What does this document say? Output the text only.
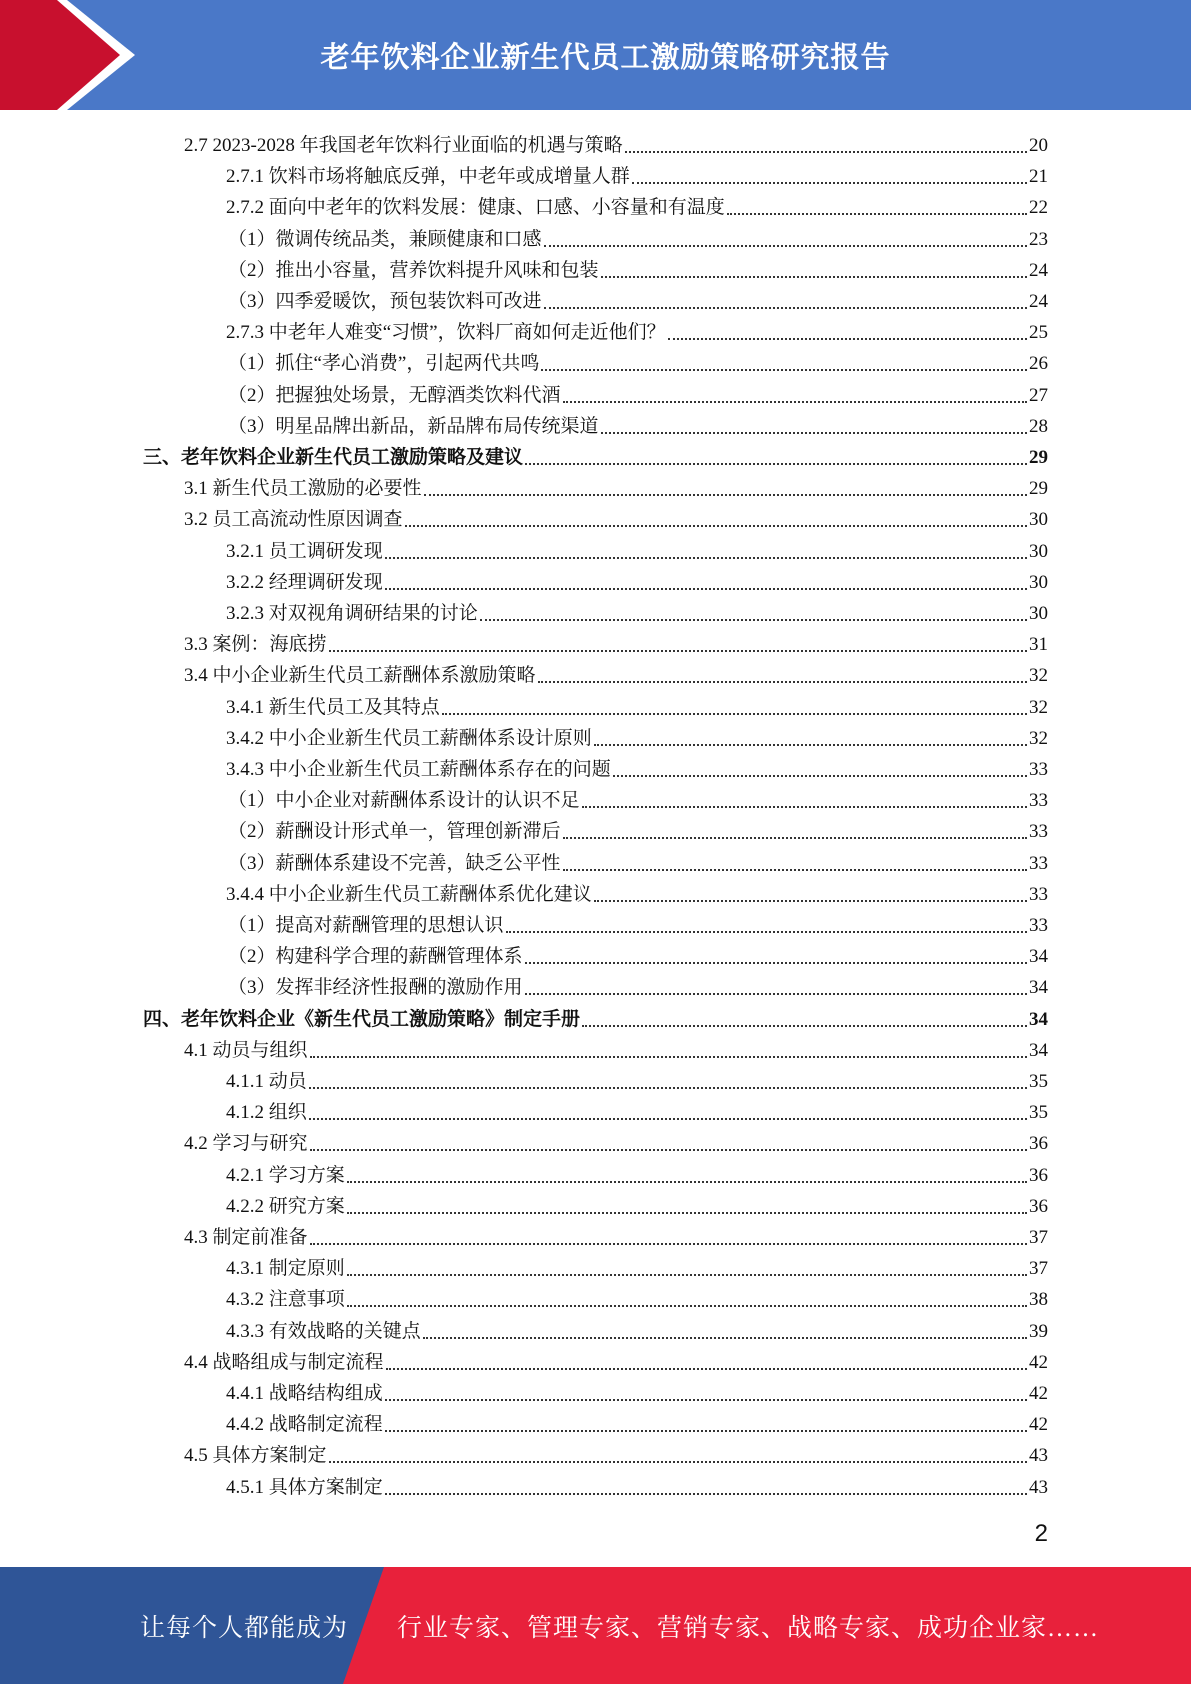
老年饮料企业新生代员工激励策略研究报告
2.7 2023-2028 年我国老年饮料行业面临的机遇与策略	20
2.7.1 饮料市场将触底反弹，中老年或成增量人群	21
2.7.2 面向中老年的饮料发展：健康、口感、小容量和有温度	22
（1）微调传统品类，兼顾健康和口感	23
（2）推出小容量，营养饮料提升风味和包装	24
（3）四季爱暖饮，预包装饮料可改进	24
2.7.3 中老年人难变“习惯”，饮料厂商如何走近他们？	25
（1）抓住“孝心消费”，引起两代共鸣	26
（2）把握独处场景，无醇酒类饮料代酒	27
（3）明星品牌出新品，新品牌布局传统渠道	28
三、老年饮料企业新生代员工激励策略及建议	29
3.1 新生代员工激励的必要性	29
3.2 员工高流动性原因调查	30
3.2.1 员工调研发现	30
3.2.2 经理调研发现	30
3.2.3 对双视角调研结果的讨论	30
3.3 案例：海底捞	31
3.4 中小企业新生代员工薪酬体系激励策略	32
3.4.1 新生代员工及其特点	32
3.4.2 中小企业新生代员工薪酬体系设计原则	32
3.4.3 中小企业新生代员工薪酬体系存在的问题	33
（1）中小企业对薪酬体系设计的认识不足	33
（2）薪酬设计形式单一，管理创新滞后	33
（3）薪酬体系建设不完善，缺乏公平性	33
3.4.4 中小企业新生代员工薪酬体系优化建议	33
（1）提高对薪酬管理的思想认识	33
（2）构建科学合理的薪酬管理体系	34
（3）发挥非经济性报酬的激励作用	34
四、老年饮料企业《新生代员工激励策略》制定手册	34
4.1 动员与组织	34
4.1.1 动员	35
4.1.2 组织	35
4.2 学习与研究	36
4.2.1 学习方案	36
4.2.2 研究方案	36
4.3 制定前准备	37
4.3.1 制定原则	37
4.3.2 注意事项	38
4.3.3 有效战略的关键点	39
4.4 战略组成与制定流程	42
4.4.1 战略结构组成	42
4.4.2 战略制定流程	42
4.5 具体方案制定	43
4.5.1 具体方案制定	43
2
让每个人都能成为 行业专家、管理专家、营销专家、战略专家、成功企业家……
